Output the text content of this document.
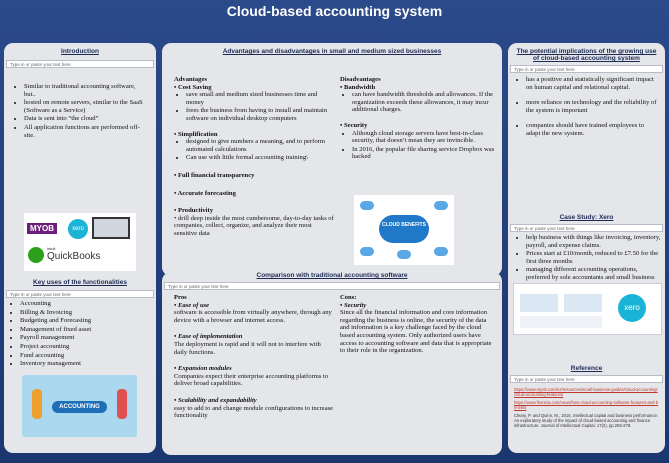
Cloud-based accounting system
Introduction
Type in or paste your text here
• Similar to traditional accounting software, but..
• hosted on remote servers, similar to the SaaS (Software as a Service)
• Data is sent into “the cloud”
• All application functions are performed off-site.
MYOB	xero
intuit
QuickBooks
Key uses of the functionalities
Type in or paste your text here
• Accounting
• Billing & Invoicing
• Budgeting and Forecasting
• Management of fixed asset
• Payroll management
• Project accounting
• Fund accounting
• Inventory management
ACCOUNTING
Advantages and disadvantages in small and medium sized businesses
Advantages
• Cost Saving
• save small and medium sized businesses time and money
• frees the business from having to install and maintain software on individual desktop computers
• Simplification
• designed to give numbers a meaning, and to perform automated calculations
• Can use with little formal accounting training\
• Full financial transparency
• Accurate forecasting
• Productivity
• drill deep inside the most cumbersome, day-to-day tasks of companies, collect, organize, and analyze their most sensitive data
Disadvantages
• Bandwidth
• can have bandwidth thresholds and allowances. If the organization exceeds these allowances, it may incur additional charges.
• Security
• Although cloud storage servers have best-in-class security, that doesn’t mean they are invincible.
• In 2016, the popular file sharing service Dropbox was hacked
CLOUD BENEFITS
Comparison with traditional accounting software
Type in or paste your text here
Pros
• Ease of use
software is accessible from virtually anywhere, through any device with a browser and internet access.
• Ease of implementation
The deployment is rapid and it will not to interfere with daily functions.
• Expansion modules
Companies expect their enterprise accounting platforms to deliver broad capabilities.
• Scalability and expandability
easy to add to and change module configurations to increase functionality
Cons:
• Security
Since all the financial information and core information regarding the business is online, the security of the data and information is a key challenge faced by the cloud based accounting system. Only authorized users have access to accounting software and data that is appropriate to their role in the organization.
The potential implications of the growing use of cloud-based accounting system
Type in or paste your text here
• has a positive and statistically significant impact on human capital and relational capital.
• more reliance on technology and the reliability of the system is important
• companies should have trained employees to adapt the new system.
Case Study: Xero
Type in or paste your text here
• help business with things like invoicing, inventory, payroll, and expense claims.
• Prices start at £10/month, reduced to £7.50 for the first three months
• managing different accounting operations, preferred by sole accountants and small business
xero
Reference
Type in or paste your text here
https://www.myob.com/nz/resources/small-business-guides/cloud-accounting/cloud-accounting-features/
https://www.finextra.com/news/how-cloud-accounting-software-features-and-benefits
Cleary, P. and Quinn, M., 2016. Intellectual capital and business performance: An exploratory study of the impact of cloud-based accounting and finance infrastructure. Journal of Intellectual Capital, 17(2), pp.255-278.
